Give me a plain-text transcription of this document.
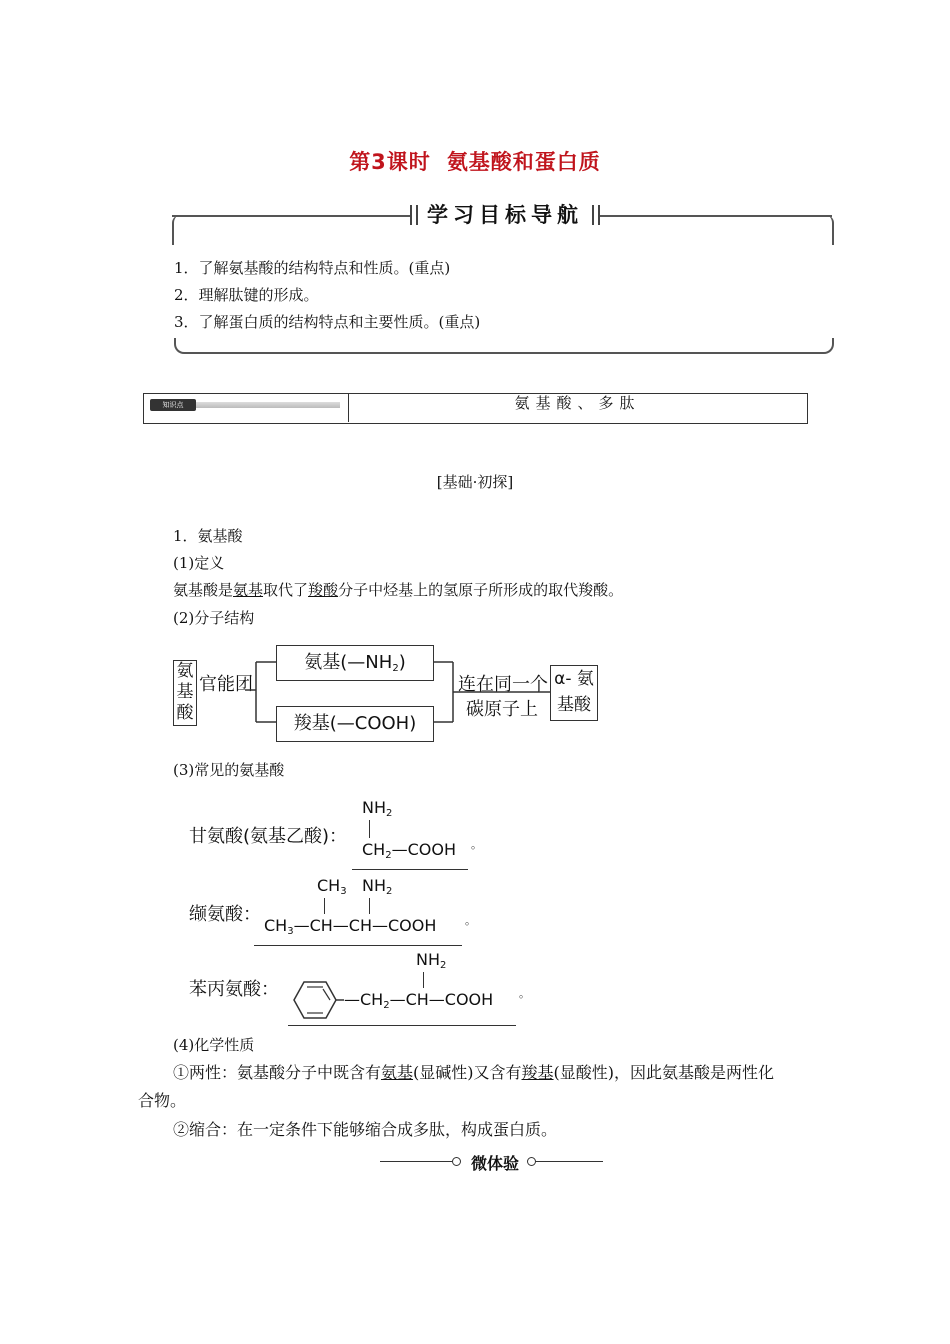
第3课时 氨基酸和蛋白质
学习目标导航
1．了解氨基酸的结构特点和性质。(重点)
2．理解肽键的形成。
3．了解蛋白质的结构特点和主要性质。(重点)
知识点	氨基酸、多肽
[基础·初探]
1．氨基酸
(1)定义
氨基酸是氨基取代了羧酸分子中烃基上的氢原子所形成的取代羧酸。
(2)分子结构
氨
基
酸
官能团
氨基$(—NH_2)$
羧基(—COOH)
连在同一个
碳原子上
α- 氨
基酸
(3)常见的氨基酸
甘氨酸(氨基乙酸)：
$NH_2$
$CH_2—COOH$ 。
缬氨酸：
$CH_3$ $NH_2$
$CH_3—CH—CH—COOH$	。
苯丙氨酸：
$NH_2$
$—CH_2—CH—COOH$ 。
(4)化学性质
①两性：氨基酸分子中既含有氨基(显碱性)又含有羧基(显酸性)，因此氨基酸是两性化
合物。
②缩合：在一定条件下能够缩合成多肽，构成蛋白质。
微体验
